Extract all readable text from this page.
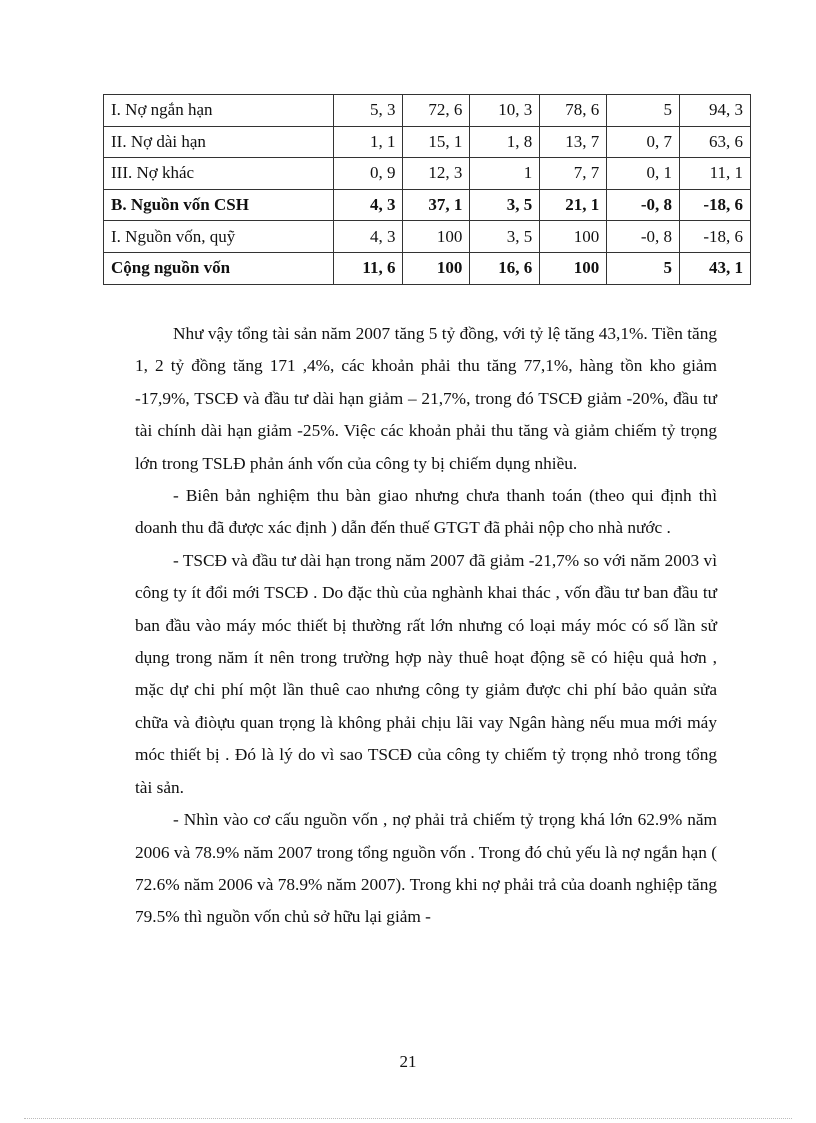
I. Nợ ngắn hạn	5, 3	72, 6	10, 3	78, 6	5	94, 3
II. Nợ dài hạn	1, 1	15, 1	1, 8	13, 7	0, 7	63, 6
III. Nợ khác	0, 9	12, 3	1	7, 7	0, 1	11, 1
B. Nguồn vốn CSH	4, 3	37, 1	3, 5	21, 1	-0, 8	-18, 6
I. Nguồn vốn, quỹ	4, 3	100	3, 5	100	-0, 8	-18, 6
Cộng nguồn vốn	11, 6	100	16, 6	100	5	43, 1

Như vậy tổng tài sản năm 2007 tăng 5 tỷ đồng, với tỷ lệ tăng 43,1%. Tiền tăng 1, 2 tỷ đồng tăng 171 ,4%, các khoản phải thu tăng 77,1%, hàng tồn kho giảm -17,9%, TSCĐ và đầu tư dài hạn giảm – 21,7%, trong đó TSCĐ giảm -20%, đầu tư tài chính dài hạn giảm -25%. Việc các khoản phải thu tăng và giảm chiếm tỷ trọng lớn trong TSLĐ phản ánh vốn của công ty bị chiếm dụng nhiều.

- Biên bản nghiệm thu bàn giao nhưng chưa thanh toán (theo qui định thì doanh thu đã được xác định ) dẫn đến thuế GTGT đã phải nộp cho nhà nước .

- TSCĐ và đầu tư dài hạn trong năm 2007 đã giảm -21,7% so với năm 2003 vì công ty ít đổi mới TSCĐ . Do đặc thù của nghành khai thác , vốn đầu tư ban đầu tư ban đầu vào máy móc thiết bị thường rất lớn nhưng có loại máy móc có số lần sử dụng trong năm ít nên trong trường hợp này thuê hoạt động sẽ có hiệu quả hơn , mặc dự chi phí một lần thuê cao nhưng công ty giảm được chi phí bảo quản sửa chữa và điòựu quan trọng là không phải chịu lãi vay Ngân hàng nếu mua mới máy móc thiết bị . Đó là lý do vì sao TSCĐ của công ty chiếm tỷ trọng nhỏ trong tổng tài sản.

- Nhìn vào cơ cấu nguồn vốn , nợ phải trả chiếm tỷ trọng khá lớn 62.9% năm 2006 và 78.9% năm 2007 trong tổng nguồn vốn . Trong đó chủ yếu là nợ ngắn hạn ( 72.6% năm 2006 và 78.9% năm 2007). Trong khi nợ phải trả của doanh nghiệp tăng 79.5% thì nguồn vốn chủ sở hữu lại giảm -

21
